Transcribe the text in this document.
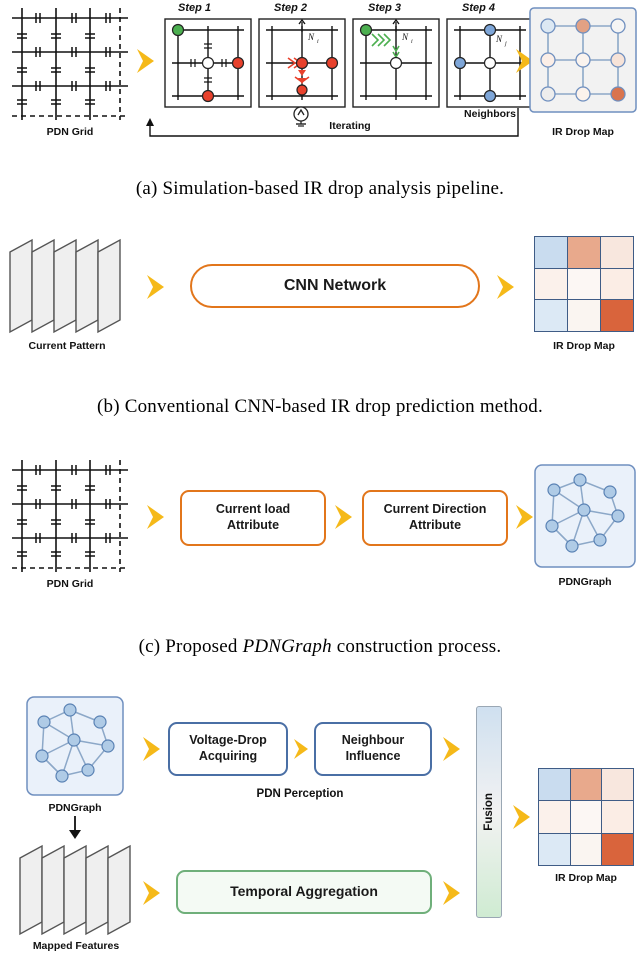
PDN Grid
Step 1	Step 2
N i
Step 3
N i
Step 4
N j
Neighbors
Iterating	IR Drop Map
(a) Simulation-based IR drop analysis pipeline.
Current Pattern
CNN Network
IR Drop Map
(b) Conventional CNN-based IR drop prediction method.
PDN Grid
Current load
Attribute
Current Direction
Attribute
PDNGraph
(c) Proposed PDNGraph construction process.
PDNGraph
Mapped Features
Voltage-Drop
Acquiring
Neighbour
Influence
PDN Perception
Temporal Aggregation
Fusion
IR Drop Map
